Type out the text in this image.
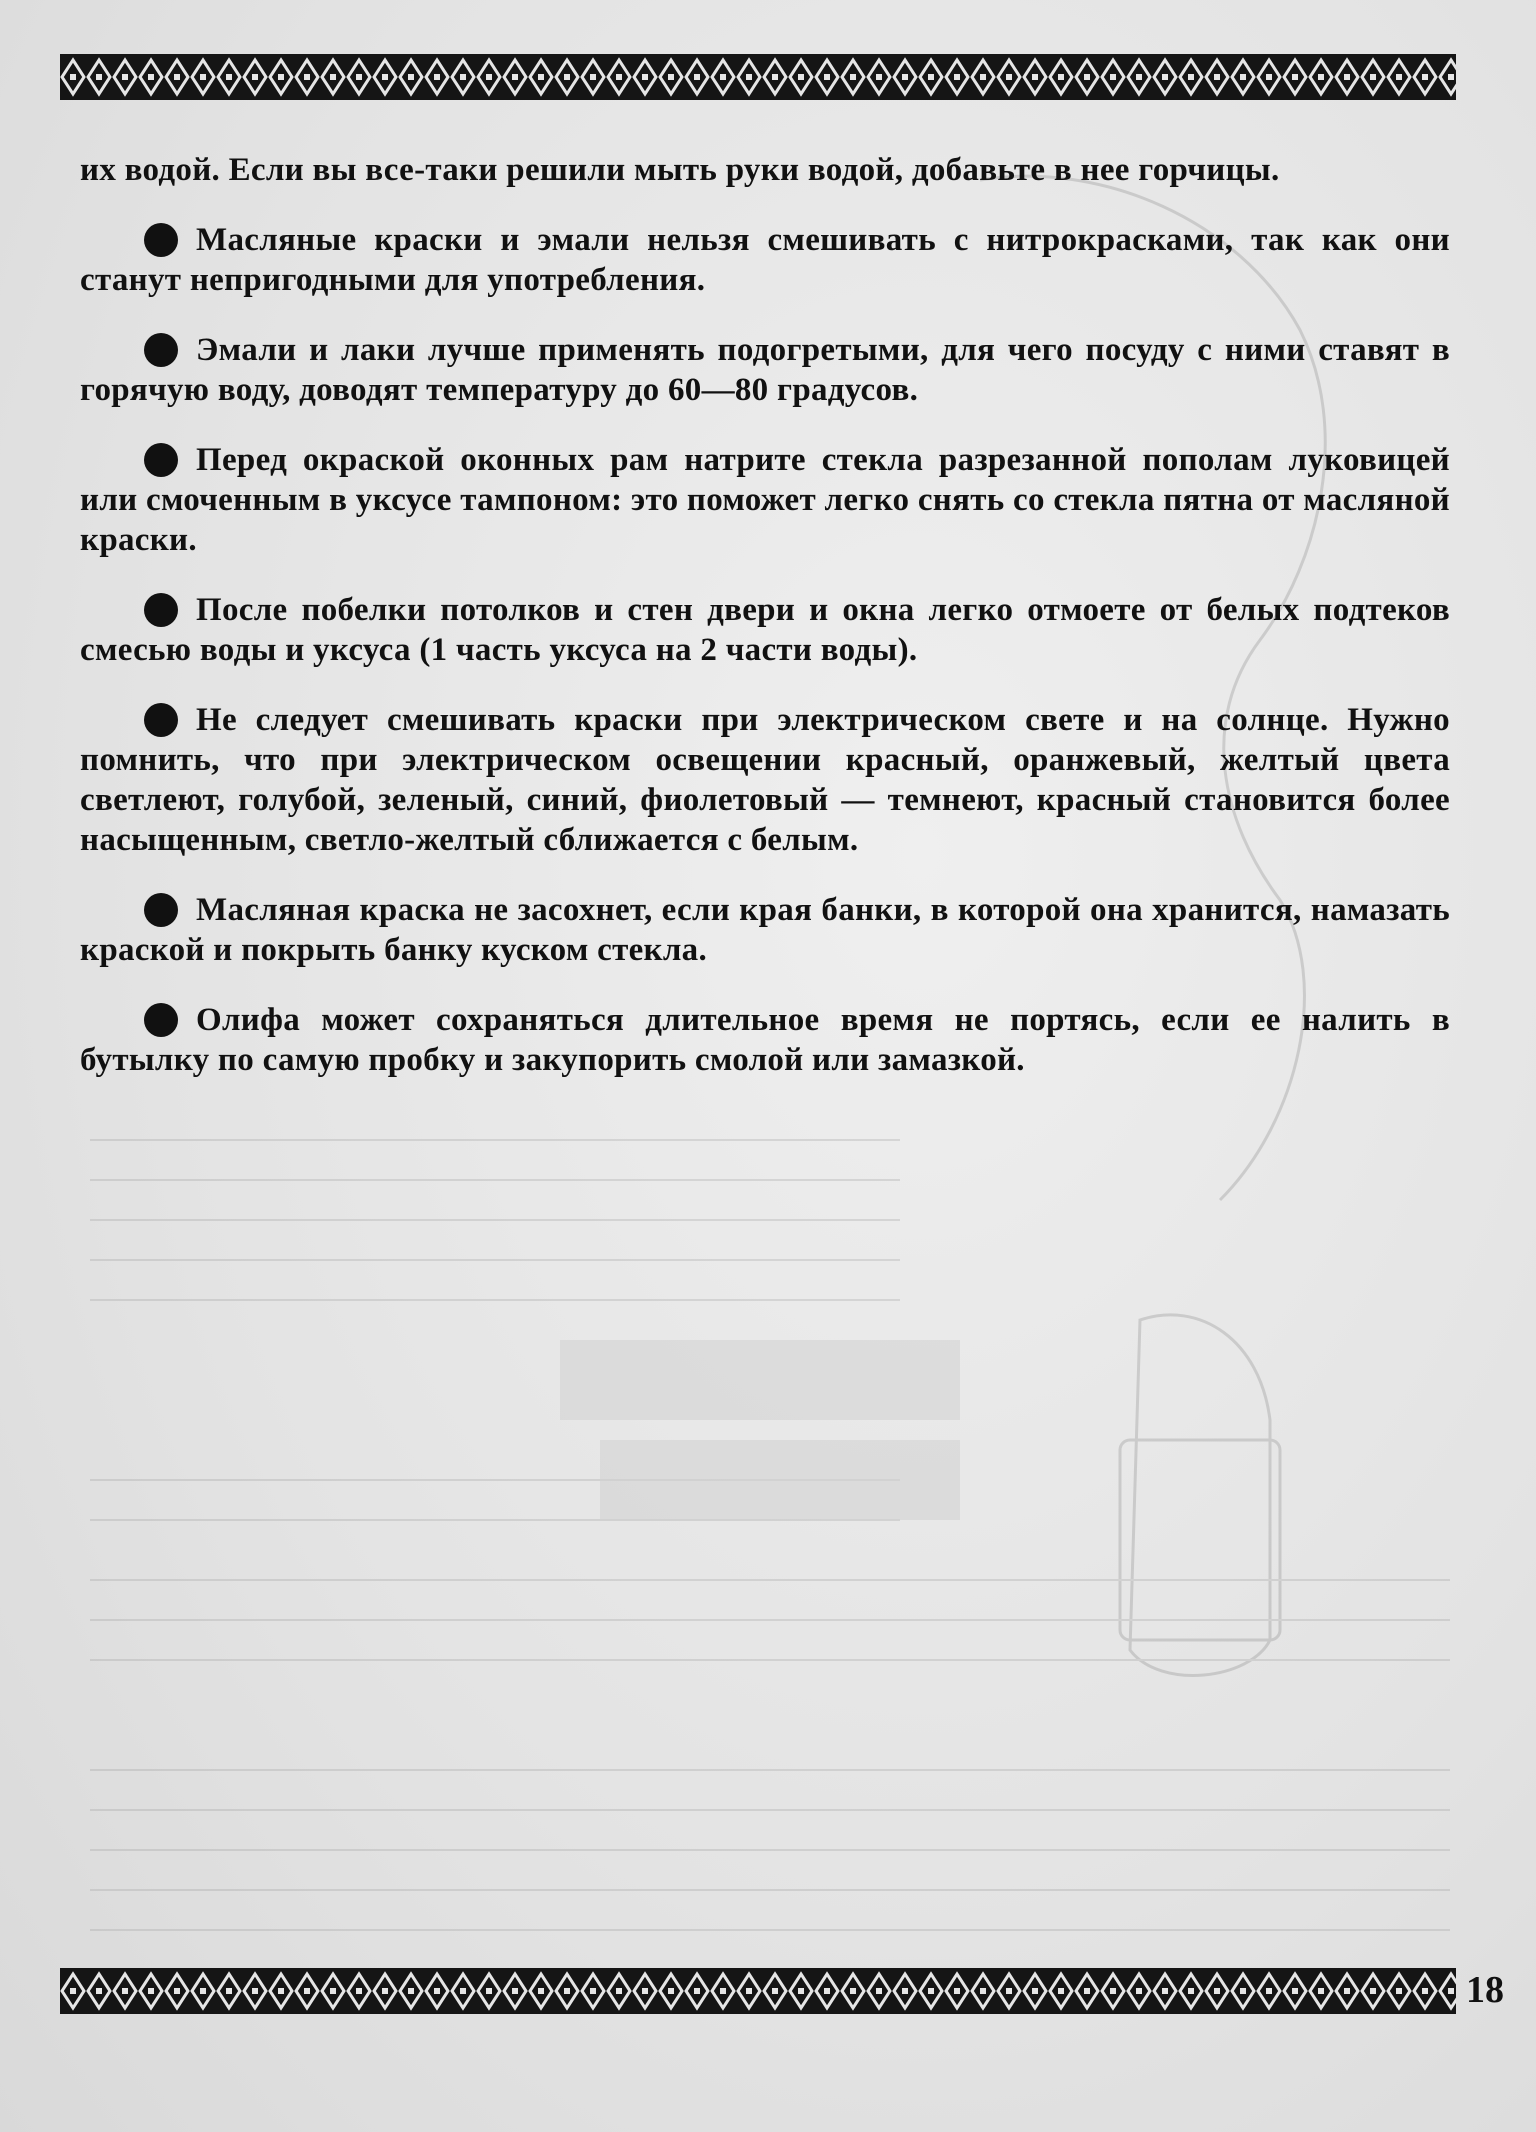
их водой. Если вы все-таки решили мыть руки водой, добавьте в нее горчицы.

Масляные краски и эмали нельзя смешивать с нитрокрасками, так как они станут непригодными для употребления.

Эмали и лаки лучше применять подогретыми, для чего посуду с ними ставят в горячую воду, доводят температуру до 60—80 градусов.

Перед окраской оконных рам натрите стекла разрезанной пополам луковицей или смоченным в уксусе тампоном: это поможет легко снять со стекла пятна от масляной краски.

После побелки потолков и стен двери и окна легко отмоете от белых подтеков смесью воды и уксуса (1 часть уксуса на 2 части воды).

Не следует смешивать краски при электрическом свете и на солнце. Нужно помнить, что при электрическом освещении красный, оранжевый, желтый цвета светлеют, голубой, зеленый, синий, фиолетовый — темнеют, красный становится более насыщенным, светло-желтый сближается с белым.

Масляная краска не засохнет, если края банки, в которой она хранится, намазать краской и покрыть банку куском стекла.

Олифа может сохраняться длительное время не портясь, если ее налить в бутылку по самую пробку и закупорить смолой или замазкой.

18
